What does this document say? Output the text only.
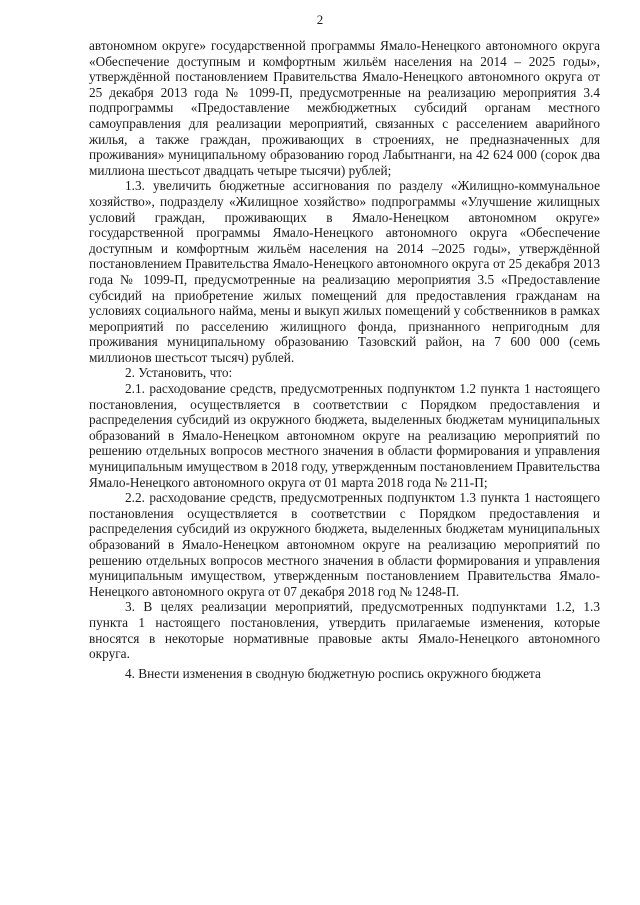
2

автономном округе» государственной программы Ямало-Ненецкого автономного округа «Обеспечение доступным и комфортным жильём населения на 2014 – 2025 годы», утверждённой постановлением Правительства Ямало-Ненецкого автономного округа от 25 декабря 2013 года № 1099-П, предусмотренные на реализацию мероприятия 3.4 подпрограммы «Предоставление межбюджетных субсидий органам местного самоуправления для реализации мероприятий, связанных с расселением аварийного жилья, а также граждан, проживающих в строениях, не предназначенных для проживания» муниципальному образованию город Лабытнанги, на 42 624 000 (сорок два миллиона шестьсот двадцать четыре тысячи) рублей;

1.3. увеличить бюджетные ассигнования по разделу «Жилищно-коммунальное хозяйство», подразделу «Жилищное хозяйство» подпрограммы «Улучшение жилищных условий граждан, проживающих в Ямало-Ненецком автономном округе» государственной программы Ямало-Ненецкого автономного округа «Обеспечение доступным и комфортным жильём населения на 2014 –2025 годы», утверждённой постановлением Правительства Ямало-Ненецкого автономного округа от 25 декабря 2013 года № 1099-П, предусмотренные на реализацию мероприятия 3.5 «Предоставление субсидий на приобретение жилых помещений для предоставления гражданам на условиях социального найма, мены и выкуп жилых помещений у собственников в рамках мероприятий по расселению жилищного фонда, признанного непригодным для проживания муниципальному образованию Тазовский район, на 7 600 000 (семь миллионов шестьсот тысяч) рублей.

2. Установить, что:

2.1. расходование средств, предусмотренных подпунктом 1.2 пункта 1 настоящего постановления, осуществляется в соответствии с Порядком предоставления и распределения субсидий из окружного бюджета, выделенных бюджетам муниципальных образований в Ямало-Ненецком автономном округе на реализацию мероприятий по решению отдельных вопросов местного значения в области формирования и управления муниципальным имуществом в 2018 году, утвержденным постановлением Правительства Ямало-Ненецкого автономного округа от 01 марта 2018 года № 211-П;

2.2. расходование средств, предусмотренных подпунктом 1.3 пункта 1 настоящего постановления осуществляется в соответствии с Порядком предоставления и распределения субсидий из окружного бюджета, выделенных бюджетам муниципальных образований в Ямало-Ненецком автономном округе на реализацию мероприятий по решению отдельных вопросов местного значения в области формирования и управления муниципальным имуществом, утвержденным постановлением Правительства Ямало-Ненецкого автономного округа от 07 декабря 2018 год № 1248-П.

3. В целях реализации мероприятий, предусмотренных подпунктами 1.2, 1.3 пункта 1 настоящего постановления, утвердить прилагаемые изменения, которые вносятся в некоторые нормативные правовые акты Ямало-Ненецкого автономного округа.

4. Внести изменения в сводную бюджетную роспись окружного бюджета
